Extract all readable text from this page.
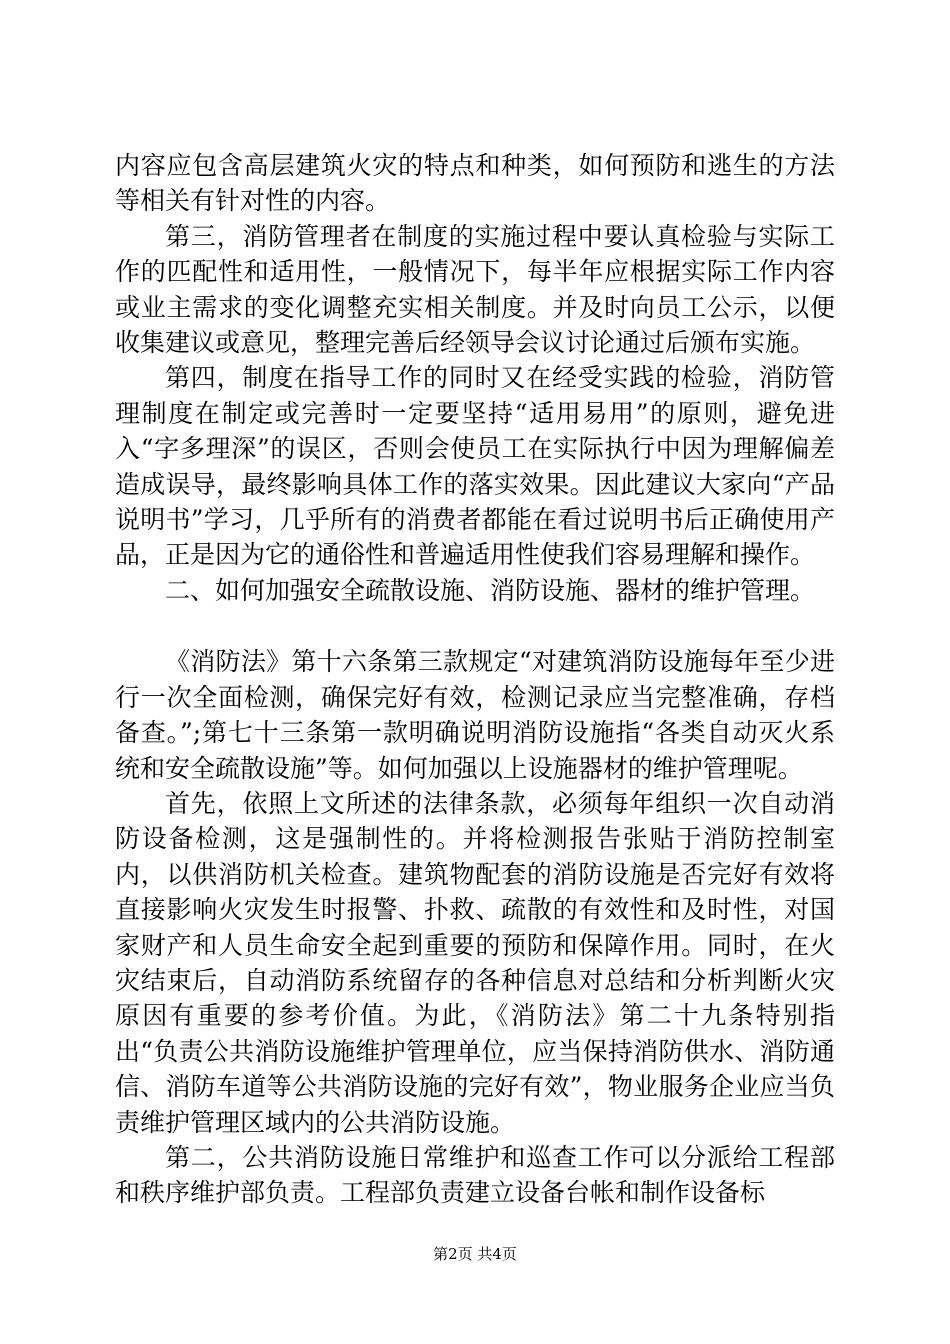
内容应包含高层建筑火灾的特点和种类，如何预防和逃生的方法等相关有针对性的内容。

第三，消防管理者在制度的实施过程中要认真检验与实际工作的匹配性和适用性，一般情况下，每半年应根据实际工作内容或业主需求的变化调整充实相关制度。并及时向员工公示，以便收集建议或意见，整理完善后经领导会议讨论通过后颁布实施。

第四，制度在指导工作的同时又在经受实践的检验，消防管理制度在制定或完善时一定要坚持“适用易用”的原则，避免进入“字多理深”的误区，否则会使员工在实际执行中因为理解偏差造成误导，最终影响具体工作的落实效果。因此建议大家向“产品说明书”学习，几乎所有的消费者都能在看过说明书后正确使用产品，正是因为它的通俗性和普遍适用性使我们容易理解和操作。

二、如何加强安全疏散设施、消防设施、器材的维护管理。

《消防法》第十六条第三款规定“对建筑消防设施每年至少进行一次全面检测，确保完好有效，检测记录应当完整准确，存档备查。”;第七十三条第一款明确说明消防设施指“各类自动灭火系统和安全疏散设施”等。如何加强以上设施器材的维护管理呢。

首先，依照上文所述的法律条款，必须每年组织一次自动消防设备检测，这是强制性的。并将检测报告张贴于消防控制室内，以供消防机关检查。建筑物配套的消防设施是否完好有效将直接影响火灾发生时报警、扑救、疏散的有效性和及时性，对国家财产和人员生命安全起到重要的预防和保障作用。同时，在火灾结束后，自动消防系统留存的各种信息对总结和分析判断火灾原因有重要的参考价值。为此，《消防法》第二十九条特别指出“负责公共消防设施维护管理单位，应当保持消防供水、消防通信、消防车道等公共消防设施的完好有效”，物业服务企业应当负责维护管理区域内的公共消防设施。

第二，公共消防设施日常维护和巡查工作可以分派给工程部和秩序维护部负责。工程部负责建立设备台帐和制作设备标

第2页 共4页
